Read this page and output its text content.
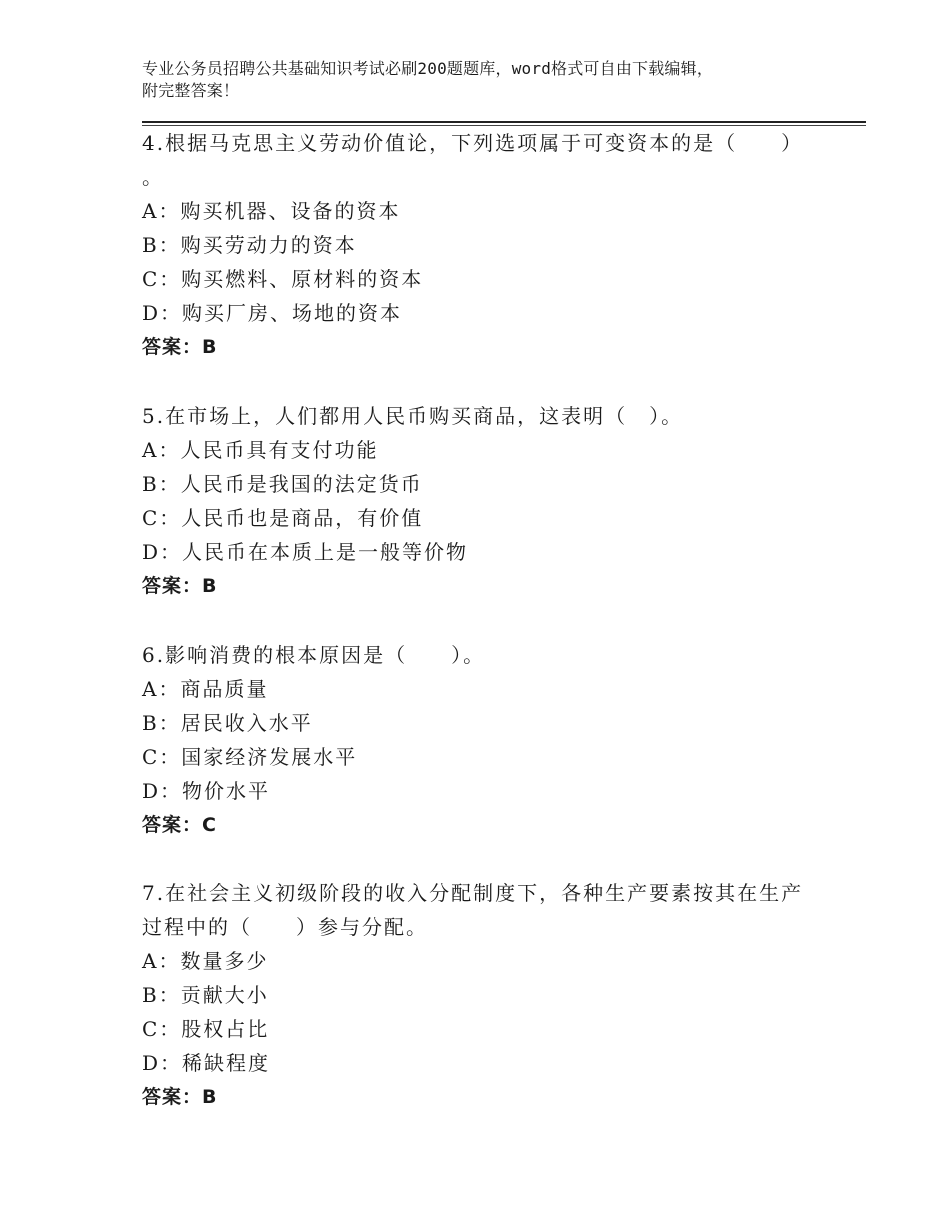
专业公务员招聘公共基础知识考试必刷200题题库，word格式可自由下载编辑，
附完整答案！
4.根据马克思主义劳动价值论，下列选项属于可变资本的是（　　）
。
A：购买机器、设备的资本
B：购买劳动力的资本
C：购买燃料、原材料的资本
D：购买厂房、场地的资本
答案：B
5.在市场上，人们都用人民币购买商品，这表明（　）。
A：人民币具有支付功能
B：人民币是我国的法定货币
C：人民币也是商品，有价值
D：人民币在本质上是一般等价物
答案：B
6.影响消费的根本原因是（　　）。
A：商品质量
B：居民收入水平
C：国家经济发展水平
D：物价水平
答案：C
7.在社会主义初级阶段的收入分配制度下，各种生产要素按其在生产
过程中的（　　）参与分配。
A：数量多少
B：贡献大小
C：股权占比
D：稀缺程度
答案：B
